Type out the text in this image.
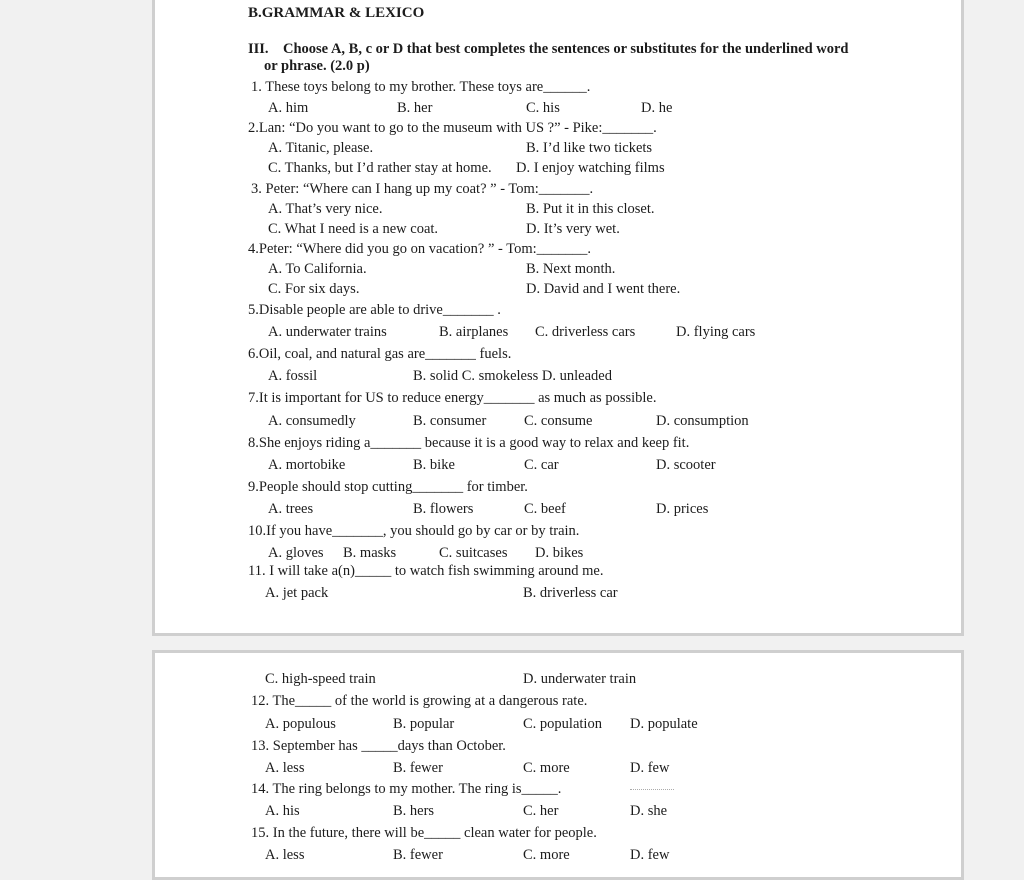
B.GRAMMAR & LEXICO
III. Choose A, B, c or D that best completes the sentences or substitutes for the underlined word
or phrase. (2.0 p)
1. These toys belong to my brother. These toys are______.
A. him	B. her	C. his	D. he
2.Lan: “Do you want to go to the museum with US ?” - Pike:_______.
A. Titanic, please.	B. I’d like two tickets
C. Thanks, but I’d rather stay at home. D. I enjoy watching films
3. Peter: “Where can I hang up my coat? ” - Tom:_______.
A. That’s very nice.	B. Put it in this closet.
C. What I need is a new coat.	D. It’s very wet.
4.Peter: “Where did you go on vacation? ” - Tom:_______.
A. To California.	B. Next month.
C. For six days.	D. David and I went there.
5.Disable people are able to drive_______ .
A. underwater trains	B. airplanes C. driverless cars	D. flying cars
6.Oil, coal, and natural gas are_______ fuels.
A. fossil	B. solid C. smokeless D. unleaded
7.It is important for US to reduce energy_______ as much as possible.
A. consumedly	B. consumer	C. consume	D. consumption
8.She enjoys riding a_______ because it is a good way to relax and keep fit.
A. mortobike	B. bike	C. car	D. scooter
9.People should stop cutting_______ for timber.
A. trees	B. flowers	C. beef	D. prices
10.If you have_______, you should go by car or by train.
A. gloves B. masks	C. suitcases D. bikes
11. I will take a(n)_____ to watch fish swimming around me.
A. jet pack	B. driverless car
C. high-speed train	D. underwater train
12. The_____ of the world is growing at a dangerous rate.
A. populous	B. popular	C. population D. populate
13. September has _____days than October.
A. less	B. fewer	C. more	D. few
14. The ring belongs to my mother. The ring is_____.
A. his	B. hers	C. her	D. she
15. In the future, there will be_____ clean water for people.
A. less	B. fewer	C. more	D. few
